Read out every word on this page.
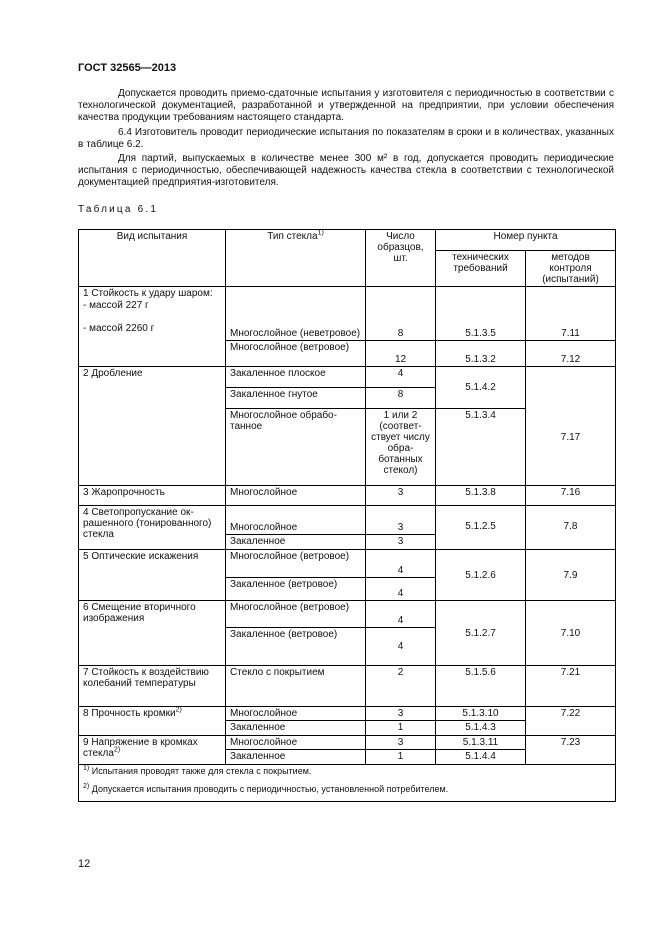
ГОСТ 32565—2013

Допускается проводить приемо-сдаточные испытания у изготовителя с периодичностью в соответствии с технологической документацией, разработанной и утвержденной на предприятии, при условии обеспечения качества продукции требованиям настоящего стандарта.

6.4 Изготовитель проводит периодические испытания по показателям в сроки и в количествах, указанных в таблице 6.2.

Для партий, выпускаемых в количестве менее 300 м² в год, допускается проводить периодические испытания с периодичностью, обеспечивающей надежность качества стекла в соответствии с технологической документацией предприятия-изготовителя.

Таблица 6.1
Вид испытания	Тип стекла$^{1)}$	Число образцов, шт.	Номер пункта	
			технических требований	методов контроля (испытаний)

1 Стойкость к удару шаром:
- массой 227 г
- массой 2260 г	Многослойное (неветровое)	8	5.1.3.5	7.11
	Многослойное (ветровое)	12	5.1.3.2	7.12
2 Дробление	Закаленное плоское	4	5.1.4.2	7.17
	Закаленное гнутое	8		
	Многослойное обработанное	1 или 2 (соответствует числу обработанных стекол)	5.1.3.4	
3 Жаропрочность	Многослойное	3	5.1.3.8	7.16
4 Светопропускание окрашенного (тонированного) стекла	Многослойное	3	5.1.2.5	7.8
	Закаленное	3		
5 Оптические искажения	Многослойное (ветровое)	4	5.1.2.6	7.9
	Закаленное (ветровое)	4		
6 Смещение вторичного изображения	Многослойное (ветровое)	4	5.1.2.7	7.10
	Закаленное (ветровое)	4		
7 Стойкость к воздействию колебаний температуры	Стекло с покрытием	2	5.1.5.6	7.21
8 Прочность кромки$^{2)}$	Многослойное	3	5.1.3.10	7.22
	Закаленное	1	5.1.4.3	
9 Напряжение в кромках стекла$^{2)}$	Многослойное	3	5.1.3.11	7.23
	Закаленное	1	5.1.4.4	
$^{1)}$ Испытания проводят также для стекла с покрытием.				
$^{2)}$ Допускается испытания проводить с периодичностью, установленной потребителем.				
12
